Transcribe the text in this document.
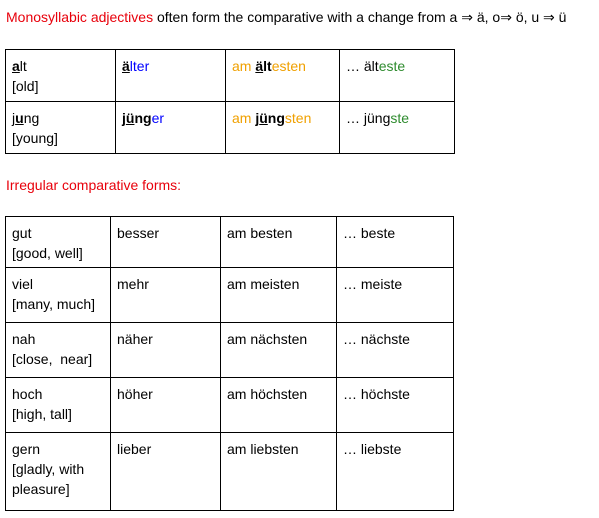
Monosyllabic adjectives often form the comparative with a change from a ⇒ ä, o⇒ ö, u ⇒ ü
alt
[old]	älter	am ältesten	… älteste
jung
[young]	jünger	am jüngsten	… jüngste
Irregular comparative forms:
gut
[good, well]	besser	am besten	… beste
viel
[many, much]	mehr	am meisten	… meiste
nah
[close,  near]	näher	am nächsten	… nächste
hoch
[high, tall]	höher	am höchsten	… höchste
gern
[gladly, with
pleasure]	lieber	am liebsten	… liebste
